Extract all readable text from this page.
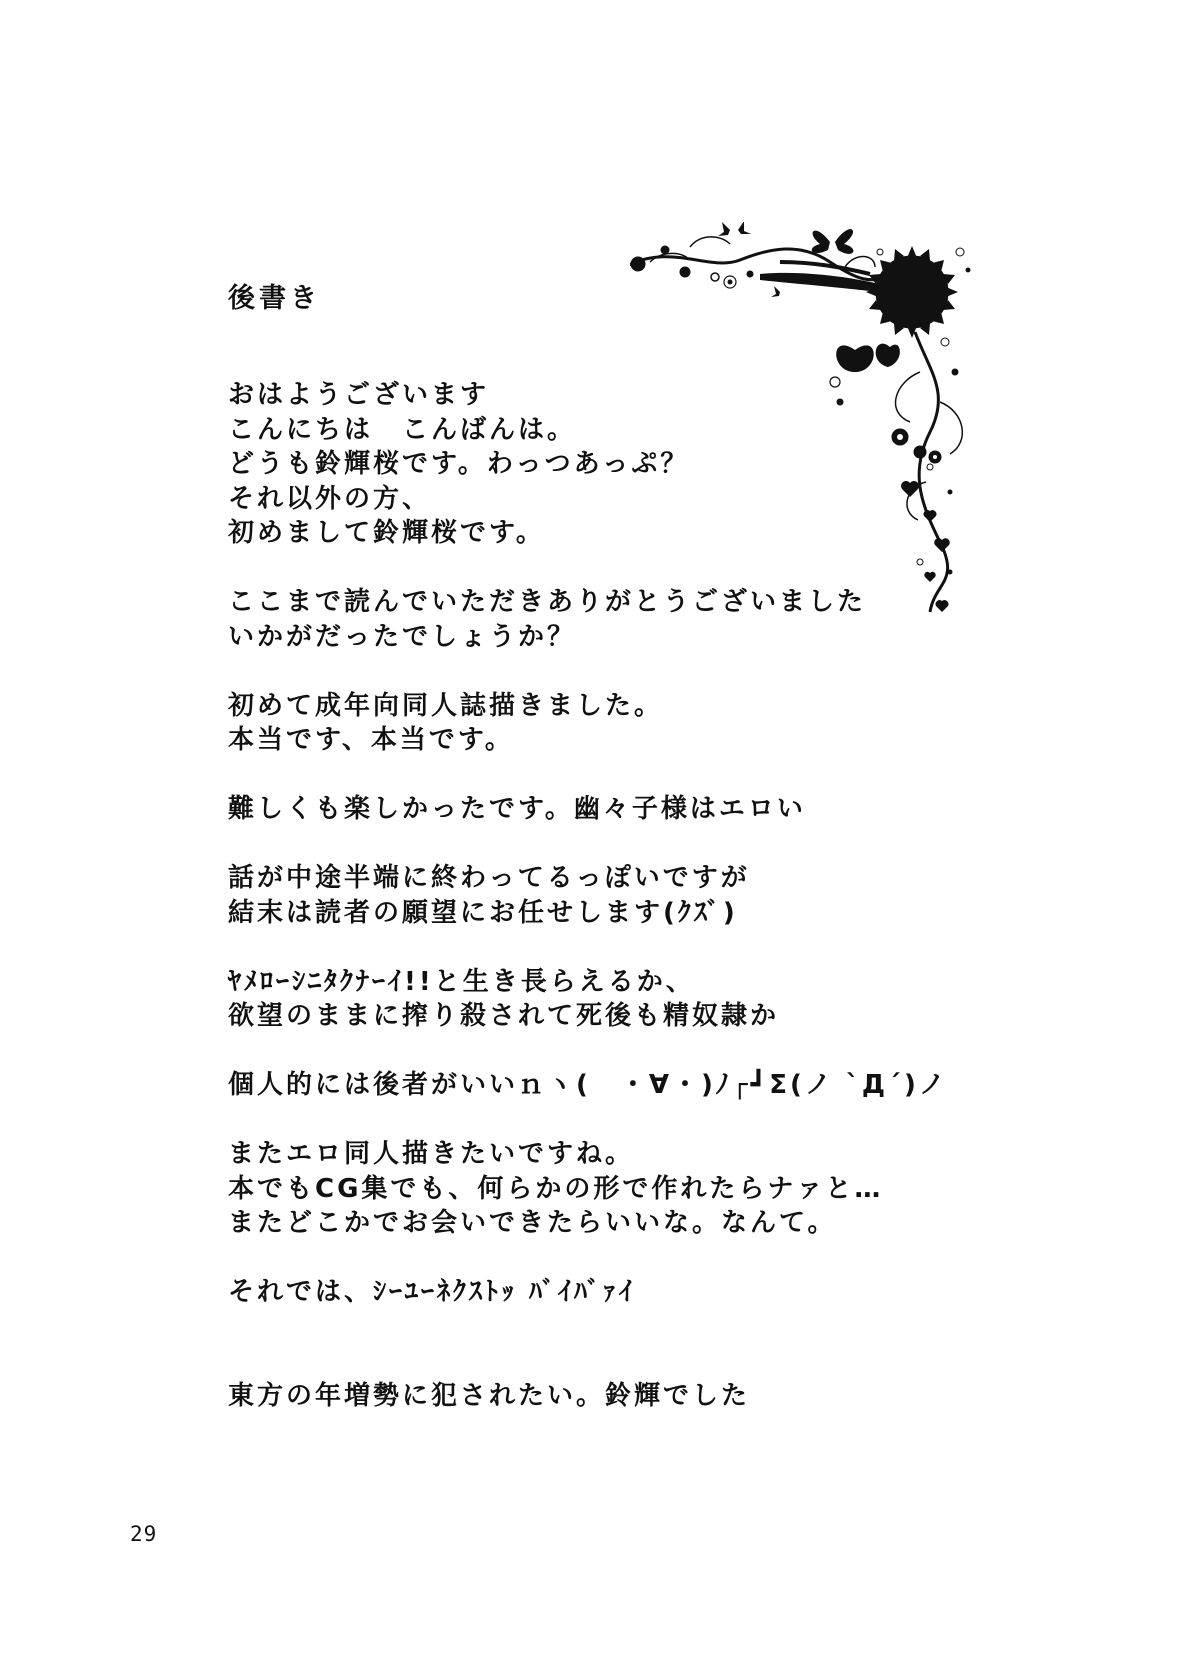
後書き
おはようございます
こんにちは　こんばんは。
どうも鈴輝桜です。わっつあっぷ？
それ以外の方、
初めまして鈴輝桜です。
ここまで読んでいただきありがとうございました
いかがだったでしょうか？
初めて成年向同人誌描きました。
本当です、本当です。
難しくも楽しかったです。幽々子様はエロい
話が中途半端に終わってるっぽいですが
結末は読者の願望にお任せします(ｸｽﾞ)
ﾔﾒﾛｰｼﾆﾀｸﾅｰｲ!!と生き長らえるか、
欲望のままに搾り殺されて死後も精奴隷か
個人的には後者がいいｎヽ(　・∀・)ﾉ┌┛Σ(ノ `Д´)ノ
またエロ同人描きたいですね。
本でもCG集でも、何らかの形で作れたらナァと…
またどこかでお会いできたらいいな。なんて。
それでは、ｼｰﾕｰﾈｸｽﾄｯ ﾊﾞｲﾊﾞｧｲ
東方の年増勢に犯されたい。鈴輝でした
29
